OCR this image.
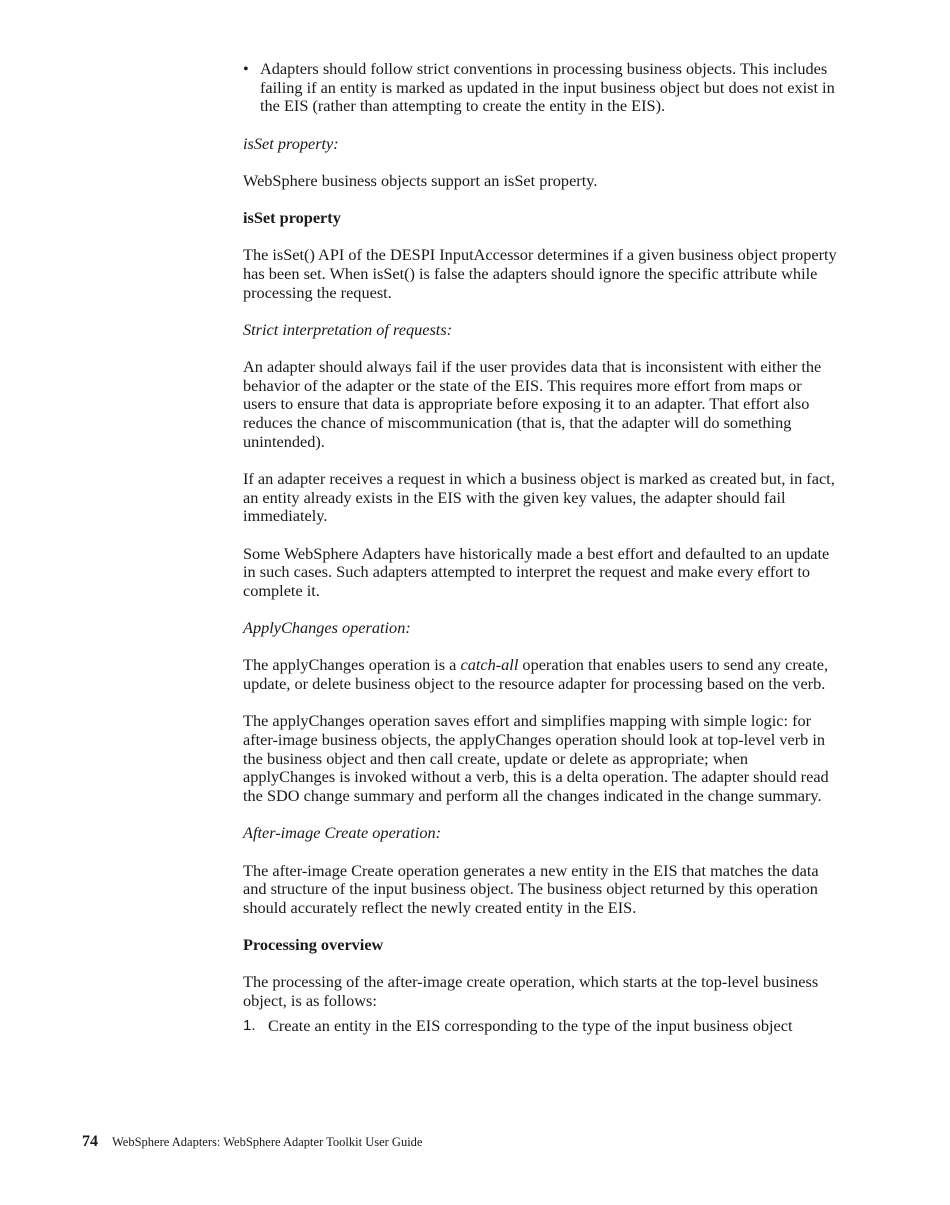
• Adapters should follow strict conventions in processing business objects. This includes failing if an entity is marked as updated in the input business object but does not exist in the EIS (rather than attempting to create the entity in the EIS).

isSet property:

WebSphere business objects support an isSet property.

isSet property

The isSet() API of the DESPI InputAccessor determines if a given business object property has been set. When isSet() is false the adapters should ignore the specific attribute while processing the request.

Strict interpretation of requests:

An adapter should always fail if the user provides data that is inconsistent with either the behavior of the adapter or the state of the EIS. This requires more effort from maps or users to ensure that data is appropriate before exposing it to an adapter. That effort also reduces the chance of miscommunication (that is, that the adapter will do something unintended).

If an adapter receives a request in which a business object is marked as created but, in fact, an entity already exists in the EIS with the given key values, the adapter should fail immediately.

Some WebSphere Adapters have historically made a best effort and defaulted to an update in such cases. Such adapters attempted to interpret the request and make every effort to complete it.

ApplyChanges operation:

The applyChanges operation is a catch-all operation that enables users to send any create, update, or delete business object to the resource adapter for processing based on the verb.

The applyChanges operation saves effort and simplifies mapping with simple logic: for after-image business objects, the applyChanges operation should look at top-level verb in the business object and then call create, update or delete as appropriate; when applyChanges is invoked without a verb, this is a delta operation. The adapter should read the SDO change summary and perform all the changes indicated in the change summary.

After-image Create operation:

The after-image Create operation generates a new entity in the EIS that matches the data and structure of the input business object. The business object returned by this operation should accurately reflect the newly created entity in the EIS.

Processing overview

The processing of the after-image create operation, which starts at the top-level business object, is as follows:

1. Create an entity in the EIS corresponding to the type of the input business object
74 WebSphere Adapters: WebSphere Adapter Toolkit User Guide
